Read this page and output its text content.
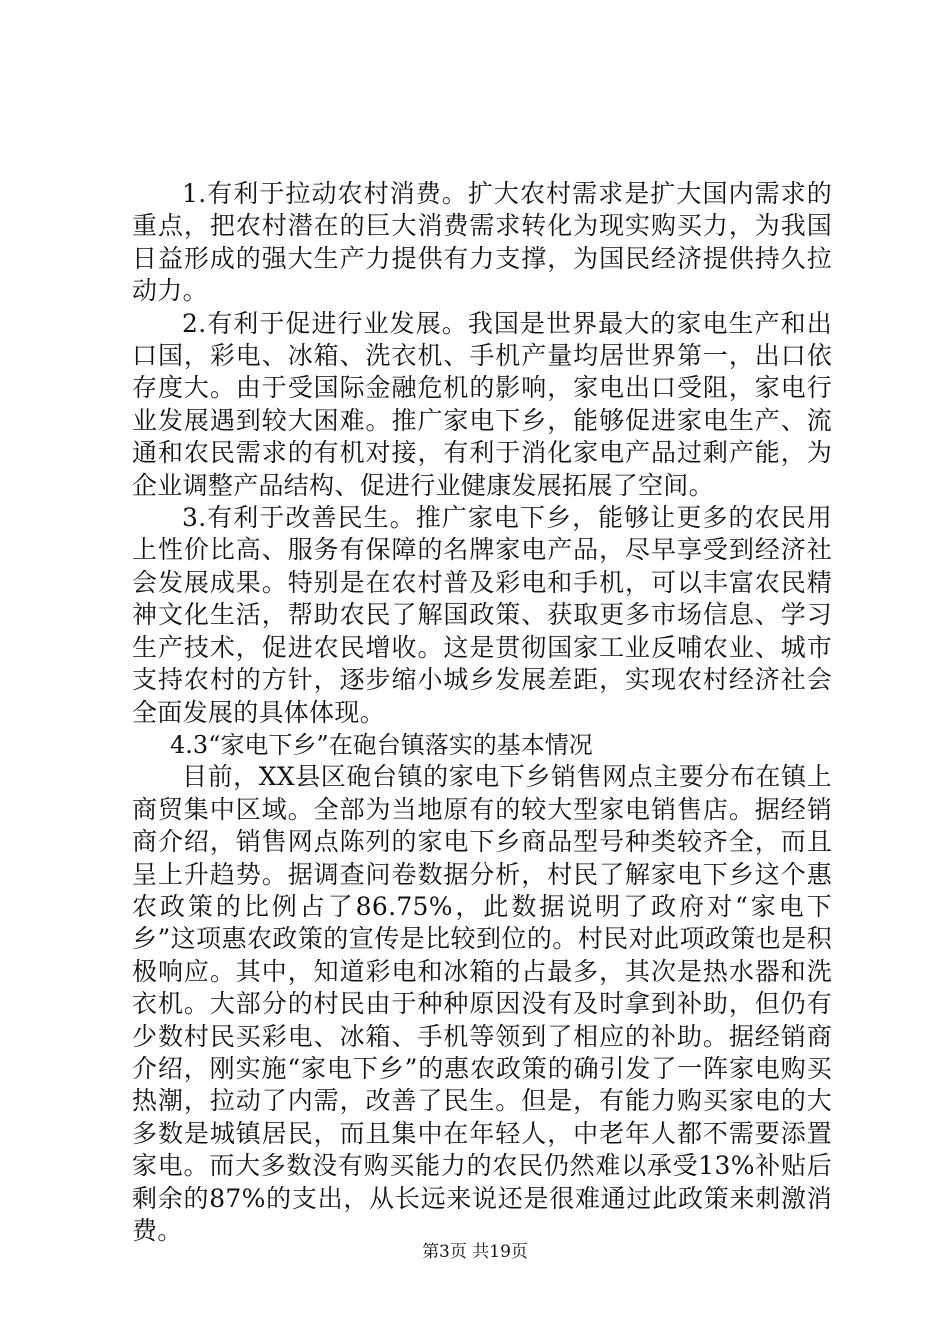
1.有利于拉动农村消费。扩大农村需求是扩大国内需求的重点，把农村潜在的巨大消费需求转化为现实购买力，为我国日益形成的强大生产力提供有力支撑，为国民经济提供持久拉动力。

2.有利于促进行业发展。我国是世界最大的家电生产和出口国，彩电、冰箱、洗衣机、手机产量均居世界第一，出口依存度大。由于受国际金融危机的影响，家电出口受阻，家电行业发展遇到较大困难。推广家电下乡，能够促进家电生产、流通和农民需求的有机对接，有利于消化家电产品过剩产能，为企业调整产品结构、促进行业健康发展拓展了空间。

3.有利于改善民生。推广家电下乡，能够让更多的农民用上性价比高、服务有保障的名牌家电产品，尽早享受到经济社会发展成果。特别是在农村普及彩电和手机，可以丰富农民精神文化生活，帮助农民了解国政策、获取更多市场信息、学习生产技术，促进农民增收。这是贯彻国家工业反哺农业、城市支持农村的方针，逐步缩小城乡发展差距，实现农村经济社会全面发展的具体体现。

4.3“家电下乡”在砲台镇落实的基本情况

目前，XX县区砲台镇的家电下乡销售网点主要分布在镇上商贸集中区域。全部为当地原有的较大型家电销售店。据经销商介绍，销售网点陈列的家电下乡商品型号种类较齐全，而且呈上升趋势。据调查问卷数据分析，村民了解家电下乡这个惠农政策的比例占了86.75%，此数据说明了政府对“家电下乡”这项惠农政策的宣传是比较到位的。村民对此项政策也是积极响应。其中，知道彩电和冰箱的占最多，其次是热水器和洗衣机。大部分的村民由于种种原因没有及时拿到补助，但仍有少数村民买彩电、冰箱、手机等领到了相应的补助。据经销商介绍，刚实施“家电下乡”的惠农政策的确引发了一阵家电购买热潮，拉动了内需，改善了民生。但是，有能力购买家电的大多数是城镇居民，而且集中在年轻人，中老年人都不需要添置家电。而大多数没有购买能力的农民仍然难以承受13%补贴后剩余的87%的支出，从长远来说还是很难通过此政策来刺激消费。

第3页 共19页
